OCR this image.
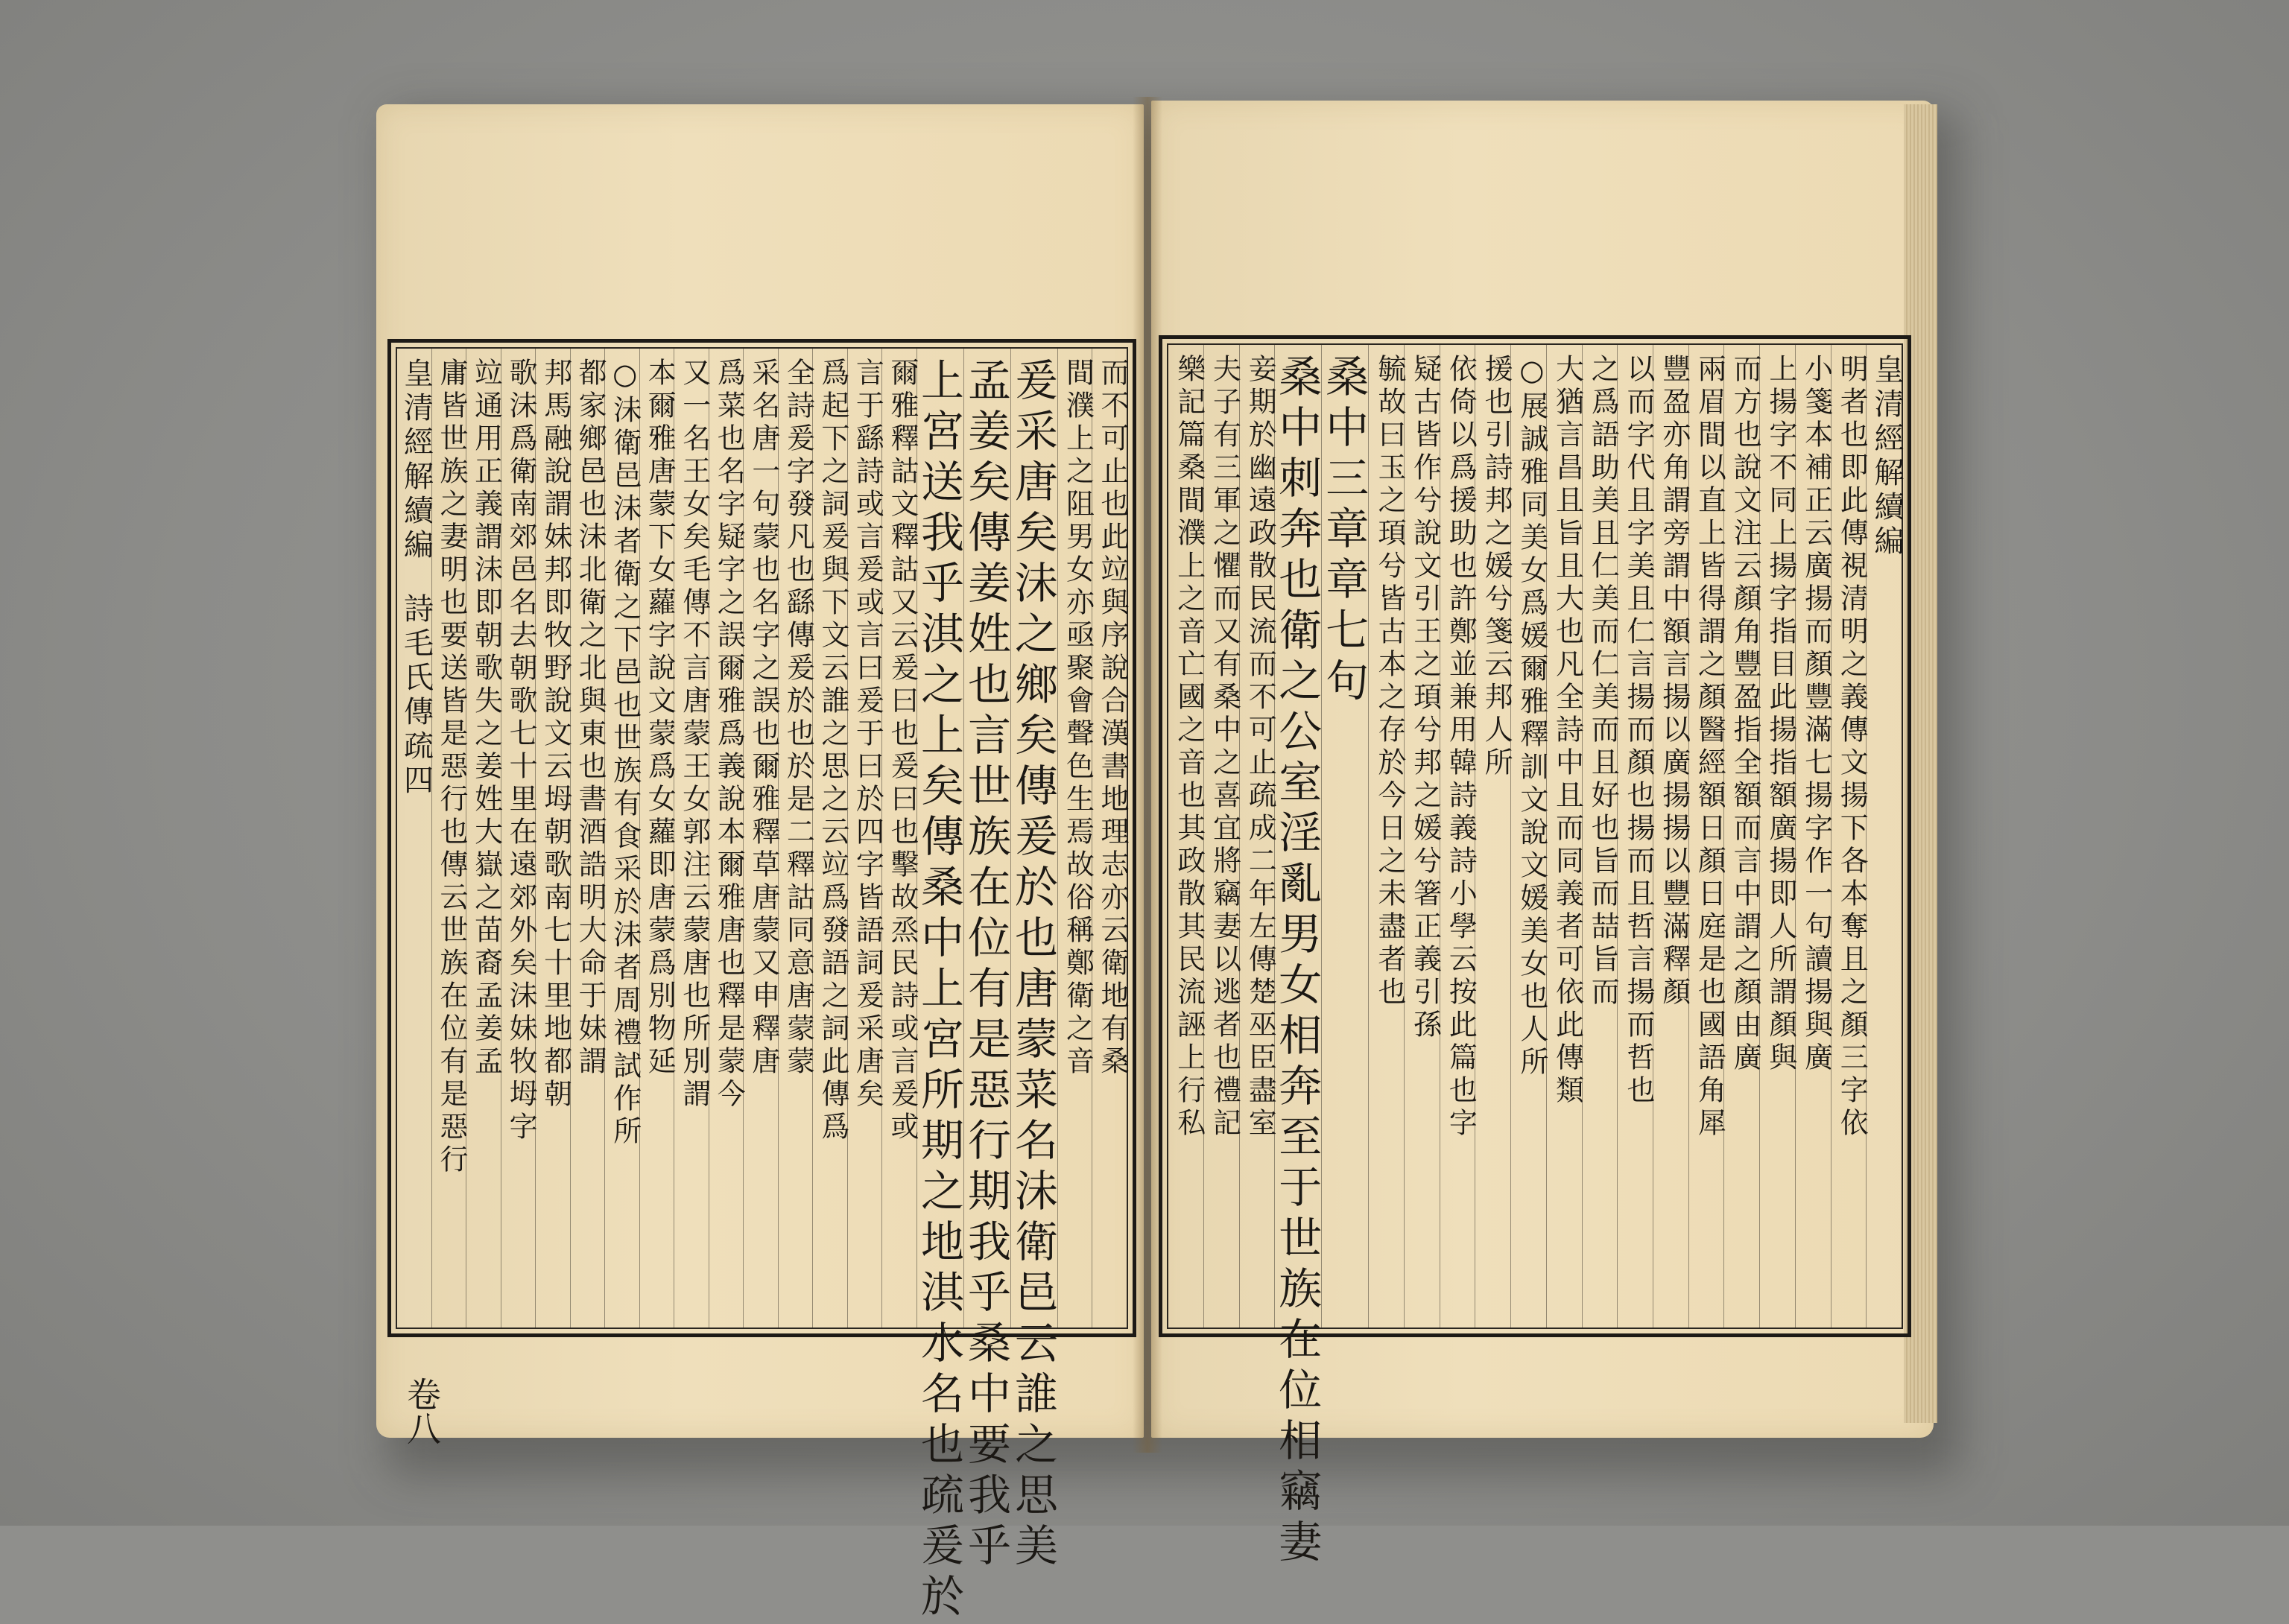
皇清經解續編
明者也即此傳視清明之義傳文揚下各本奪且之顏三字依
小箋本補正云廣揚而顏豐滿七揚字作一句讀揚與廣
上揚字不同上揚字指目此揚指額廣揚即人所謂顏與
而方也說文注云顏角豐盈指全額而言中謂之顏由廣
兩眉間以直上皆得謂之顏醫經額日顏日庭是也國語角犀
豐盈亦角謂旁謂中額言揚以廣揚揚以豐滿釋顏
以而字代且字美且仁言揚而顏也揚而且哲言揚而哲也
之爲語助美且仁美而仁美而且好也旨而喆旨而
大猶言昌且旨且大也凡全詩中且而同義者可依此傳類
○展誠雅同美女爲媛爾雅釋訓文說文媛美女也人所
援也引詩邦之媛兮箋云邦人所
依倚以爲援助也許鄭並兼用韓詩義詩小學云按此篇也字
疑古皆作兮說文引王之頊兮邦之媛兮箸正義引孫
毓故曰玉之頊兮皆古本之存於今日之未盡者也
桑中三章章七句
桑中刺奔也衛之公室淫亂男女相奔至于世族在位相竊妻
妾期於幽遠政散民流而不可止疏成二年左傳楚巫臣盡室
夫子有三軍之懼而又有桑中之喜宜將竊妻以逃者也禮記
樂記篇桑間濮上之音亡國之音也其政散其民流誣上行私
而不可止也此竝與序說合漢書地理志亦云衛地有桑
間濮上之阻男女亦亟聚會聲色生焉故俗稱鄭衛之音
爰采唐矣沬之鄉矣傳爰於也唐蒙菜名沬衛邑云誰之思美
孟姜矣傳姜姓也言世族在位有是惡行期我乎桑中要我乎
上宮送我乎淇之上矣傳桑中上宮所期之地淇水名也疏爰於
爾雅釋詁文釋詁又云爰曰也爰曰也擊故烝民詩或言爰或
言于繇詩或言爰或言曰爰于曰於四字皆語詞爰采唐矣
爲起下之詞爰與下文云誰之思之云竝爲發語之詞此傳爲
全詩爰字發凡也繇傳爰於也於是二釋詁同意唐蒙蒙
采名唐一句蒙也名字之誤也爾雅釋草唐蒙又申釋唐
爲菜也名字疑字之誤爾雅爲義說本爾雅唐也釋是蒙今
又一名王女矣毛傳不言唐蒙王女郭注云蒙唐也所別謂
本爾雅唐蒙下女蘿字說文蒙爲女蘿即唐蒙爲別物延
○沬衛邑沬者衛之下邑也世族有食采於沬者周禮試作所
都家鄉邑也沬北衛之北與東也書酒誥明大命于妹謂
邦馬融說謂妹邦即牧野說文云坶朝歌南七十里地都朝
歌沬爲衛南郊邑名去朝歌七十里在遠郊外矣沬妹牧坶字
竝通用正義謂沬即朝歌失之姜姓大嶽之苗裔孟姜孟
庸皆世族之妻明也要送皆是惡行也傳云世族在位有是惡行
皇清經解續編
詩毛氏傳疏四
卷八
